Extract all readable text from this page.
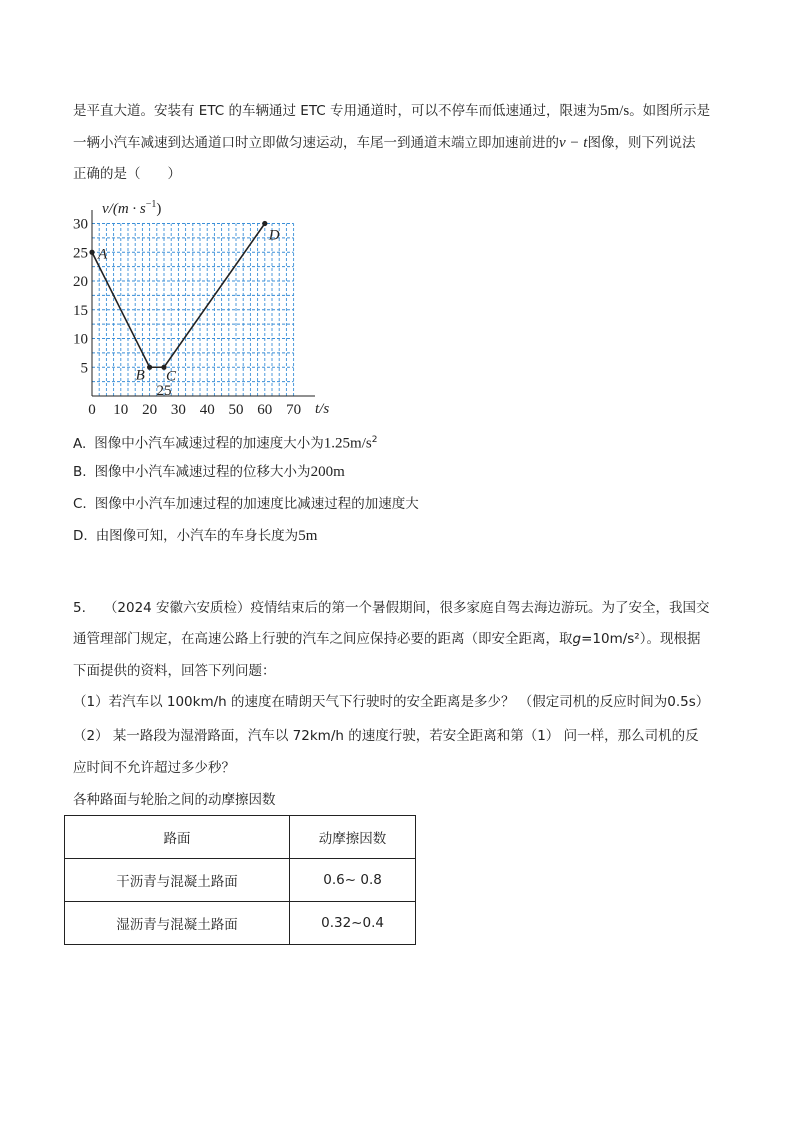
是平直大道。安装有 ETC 的车辆通过 ETC 专用通道时，可以不停车而低速通过，限速为5m/s。如图所示是
一辆小汽车减速到达通道口时立即做匀速运动，车尾一到通道末端立即加速前进的v − t图像，则下列说法
正确的是（　　）
0 10 20 30 40 50 60 70
5
10
15
20
25
30
25
$v/(m \cdot s^{-1})$
t/s
A
B C
D
A. 图像中小汽车减速过程的加速度大小为$1.25m/s^2$
B. 图像中小汽车减速过程的位移大小为200m
C. 图像中小汽车加速过程的加速度比减速过程的加速度大
D. 由图像可知，小汽车的车身长度为5m
5. （2024 安徽六安质检）疫情结束后的第一个暑假期间，很多家庭自驾去海边游玩。为了安全，我国交
通管理部门规定，在高速公路上行驶的汽车之间应保持必要的距离（即安全距离，取g=10m/s²）。现根据
下面提供的资料，回答下列问题：
（1）若汽车以 100km/h 的速度在晴朗天气下行驶时的安全距离是多少？ （假定司机的反应时间为0.5s）
（2） 某一路段为湿滑路面，汽车以 72km/h 的速度行驶，若安全距离和第（1） 问一样，那么司机的反
应时间不允许超过多少秒？
各种路面与轮胎之间的动摩擦因数
路面	动摩擦因数
干沥青与混凝土路面	0.6~ 0.8
湿沥青与混凝土路面	0.32~0.4
